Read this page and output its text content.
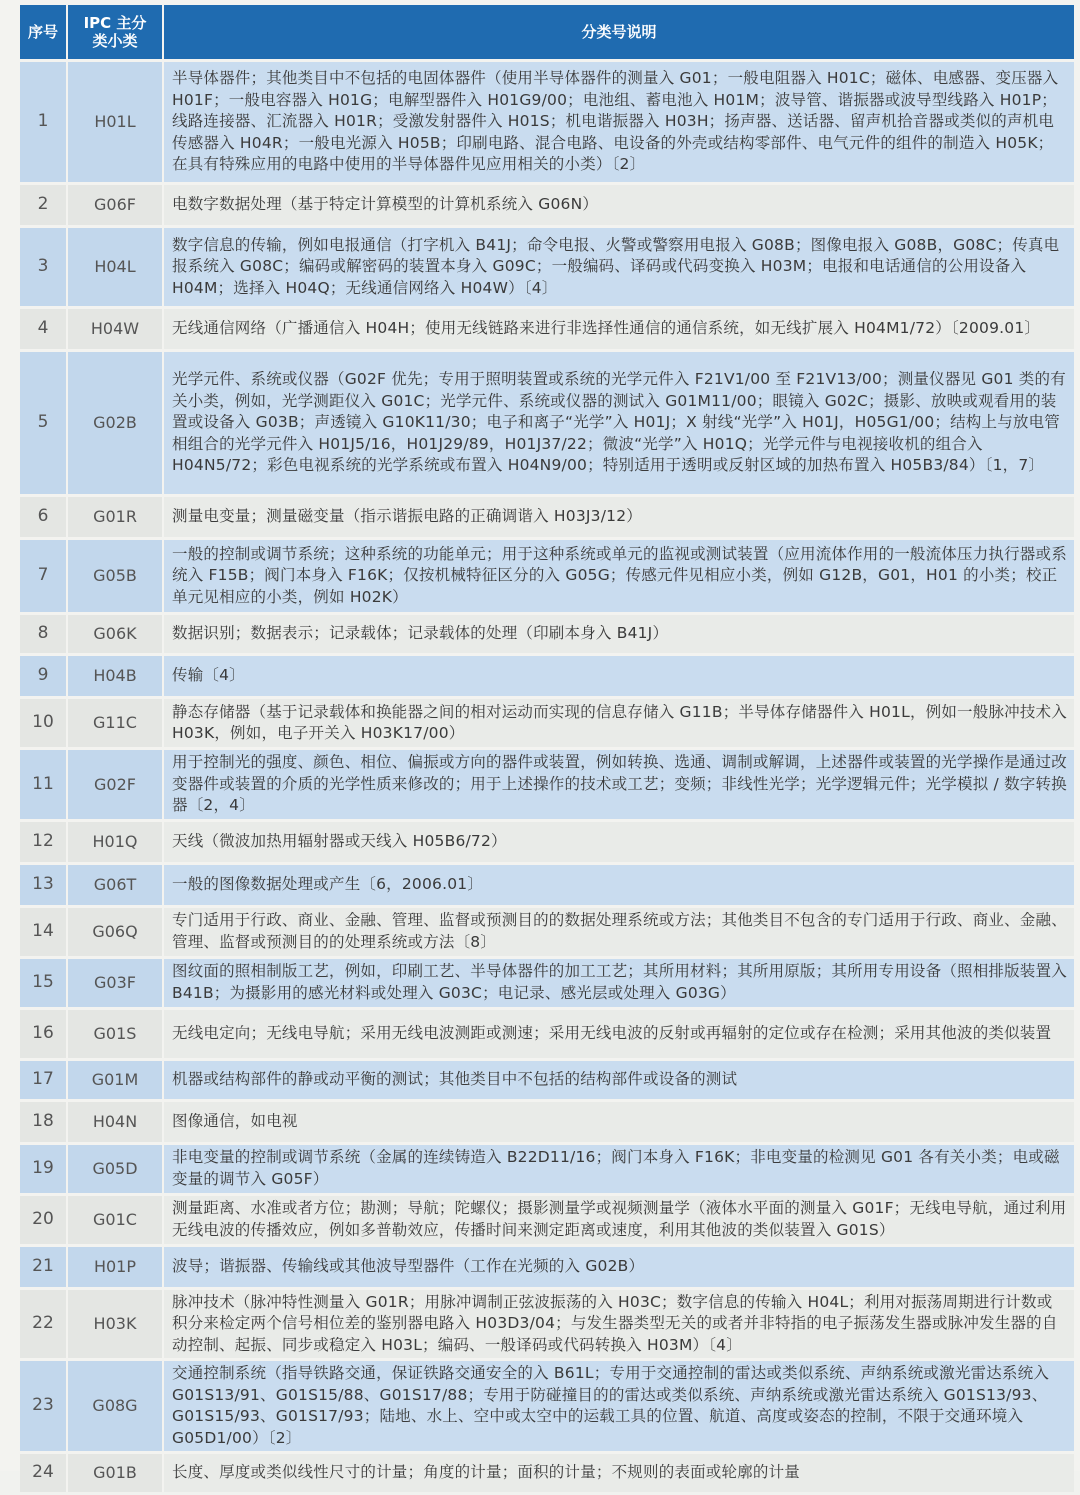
序号	IPC 主分类小类	分类号说明
1	H01L	半导体器件；其他类目中不包括的电固体器件（使用半导体器件的测量入 G01；一般电阻器入 H01C；磁体、电感器、变压器入 H01F；一般电容器入 H01G；电解型器件入 H01G9/00；电池组、蓄电池入 H01M；波导管、谐振器或波导型线路入 H01P；线路连接器、汇流器入 H01R；受激发射器件入 H01S；机电谐振器入 H03H；扬声器、送话器、留声机拾音器或类似的声机电传感器入 H04R；一般电光源入 H05B；印刷电路、混合电路、电设备的外壳或结构零部件、电气元件的组件的制造入 H05K；在具有特殊应用的电路中使用的半导体器件见应用相关的小类）〔2〕
2	G06F	电数字数据处理（基于特定计算模型的计算机系统入 G06N）
3	H04L	数字信息的传输，例如电报通信（打字机入 B41J；命令电报、火警或警察用电报入 G08B；图像电报入 G08B，G08C；传真电报系统入 G08C；编码或解密码的装置本身入 G09C；一般编码、译码或代码变换入 H03M；电报和电话通信的公用设备入 H04M；选择入 H04Q；无线通信网络入 H04W）〔4〕
4	H04W	无线通信网络（广播通信入 H04H；使用无线链路来进行非选择性通信的通信系统，如无线扩展入 H04M1/72）〔2009.01〕
5	G02B	光学元件、系统或仪器（G02F 优先；专用于照明装置或系统的光学元件入 F21V1/00 至 F21V13/00；测量仪器见 G01 类的有关小类，例如，光学测距仪入 G01C；光学元件、系统或仪器的测试入 G01M11/00；眼镜入 G02C；摄影、放映或观看用的装置或设备入 G03B；声透镜入 G10K11/30；电子和离子“光学”入 H01J；X 射线“光学”入 H01J，H05G1/00；结构上与放电管相组合的光学元件入 H01J5/16，H01J29/89，H01J37/22；微波“光学”入 H01Q；光学元件与电视接收机的组合入 H04N5/72；彩色电视系统的光学系统或布置入 H04N9/00；特别适用于透明或反射区域的加热布置入 H05B3/84）〔1，7〕
6	G01R	测量电变量；测量磁变量（指示谐振电路的正确调谐入 H03J3/12）
7	G05B	一般的控制或调节系统；这种系统的功能单元；用于这种系统或单元的监视或测试装置（应用流体作用的一般流体压力执行器或系统入 F15B；阀门本身入 F16K；仅按机械特征区分的入 G05G；传感元件见相应小类，例如 G12B，G01，H01 的小类；校正单元见相应的小类，例如 H02K）
8	G06K	数据识别；数据表示；记录载体；记录载体的处理（印刷本身入 B41J）
9	H04B	传输〔4〕
10	G11C	静态存储器（基于记录载体和换能器之间的相对运动而实现的信息存储入 G11B；半导体存储器件入 H01L，例如一般脉冲技术入 H03K，例如，电子开关入 H03K17/00）
11	G02F	用于控制光的强度、颜色、相位、偏振或方向的器件或装置，例如转换、选通、调制或解调，上述器件或装置的光学操作是通过改变器件或装置的介质的光学性质来修改的；用于上述操作的技术或工艺；变频；非线性光学；光学逻辑元件；光学模拟 / 数字转换器〔2，4〕
12	H01Q	天线（微波加热用辐射器或天线入 H05B6/72）
13	G06T	一般的图像数据处理或产生〔6，2006.01〕
14	G06Q	专门适用于行政、商业、金融、管理、监督或预测目的的数据处理系统或方法；其他类目不包含的专门适用于行政、商业、金融、管理、监督或预测目的的处理系统或方法〔8〕
15	G03F	图纹面的照相制版工艺，例如，印刷工艺、半导体器件的加工工艺；其所用材料；其所用原版；其所用专用设备（照相排版装置入 B41B；为摄影用的感光材料或处理入 G03C；电记录、感光层或处理入 G03G）
16	G01S	无线电定向；无线电导航；采用无线电波测距或测速；采用无线电波的反射或再辐射的定位或存在检测；采用其他波的类似装置
17	G01M	机器或结构部件的静或动平衡的测试；其他类目中不包括的结构部件或设备的测试
18	H04N	图像通信，如电视
19	G05D	非电变量的控制或调节系统（金属的连续铸造入 B22D11/16；阀门本身入 F16K；非电变量的检测见 G01 各有关小类；电或磁变量的调节入 G05F）
20	G01C	测量距离、水准或者方位；勘测；导航；陀螺仪；摄影测量学或视频测量学（液体水平面的测量入 G01F；无线电导航，通过利用无线电波的传播效应，例如多普勒效应，传播时间来测定距离或速度，利用其他波的类似装置入 G01S）
21	H01P	波导；谐振器、传输线或其他波导型器件（工作在光频的入 G02B）
22	H03K	脉冲技术（脉冲特性测量入 G01R；用脉冲调制正弦波振荡的入 H03C；数字信息的传输入 H04L；利用对振荡周期进行计数或积分来检定两个信号相位差的鉴别器电路入 H03D3/04；与发生器类型无关的或者并非特指的电子振荡发生器或脉冲发生器的自动控制、起振、同步或稳定入 H03L；编码、一般译码或代码转换入 H03M）〔4〕
23	G08G	交通控制系统（指导铁路交通，保证铁路交通安全的入 B61L；专用于交通控制的雷达或类似系统、声纳系统或激光雷达系统入 G01S13/91、G01S15/88、G01S17/88；专用于防碰撞目的的雷达或类似系统、声纳系统或激光雷达系统入 G01S13/93、G01S15/93、G01S17/93；陆地、水上、空中或太空中的运载工具的位置、航道、高度或姿态的控制，不限于交通环境入 G05D1/00）〔2〕
24	G01B	长度、厚度或类似线性尺寸的计量；角度的计量；面积的计量；不规则的表面或轮廓的计量
